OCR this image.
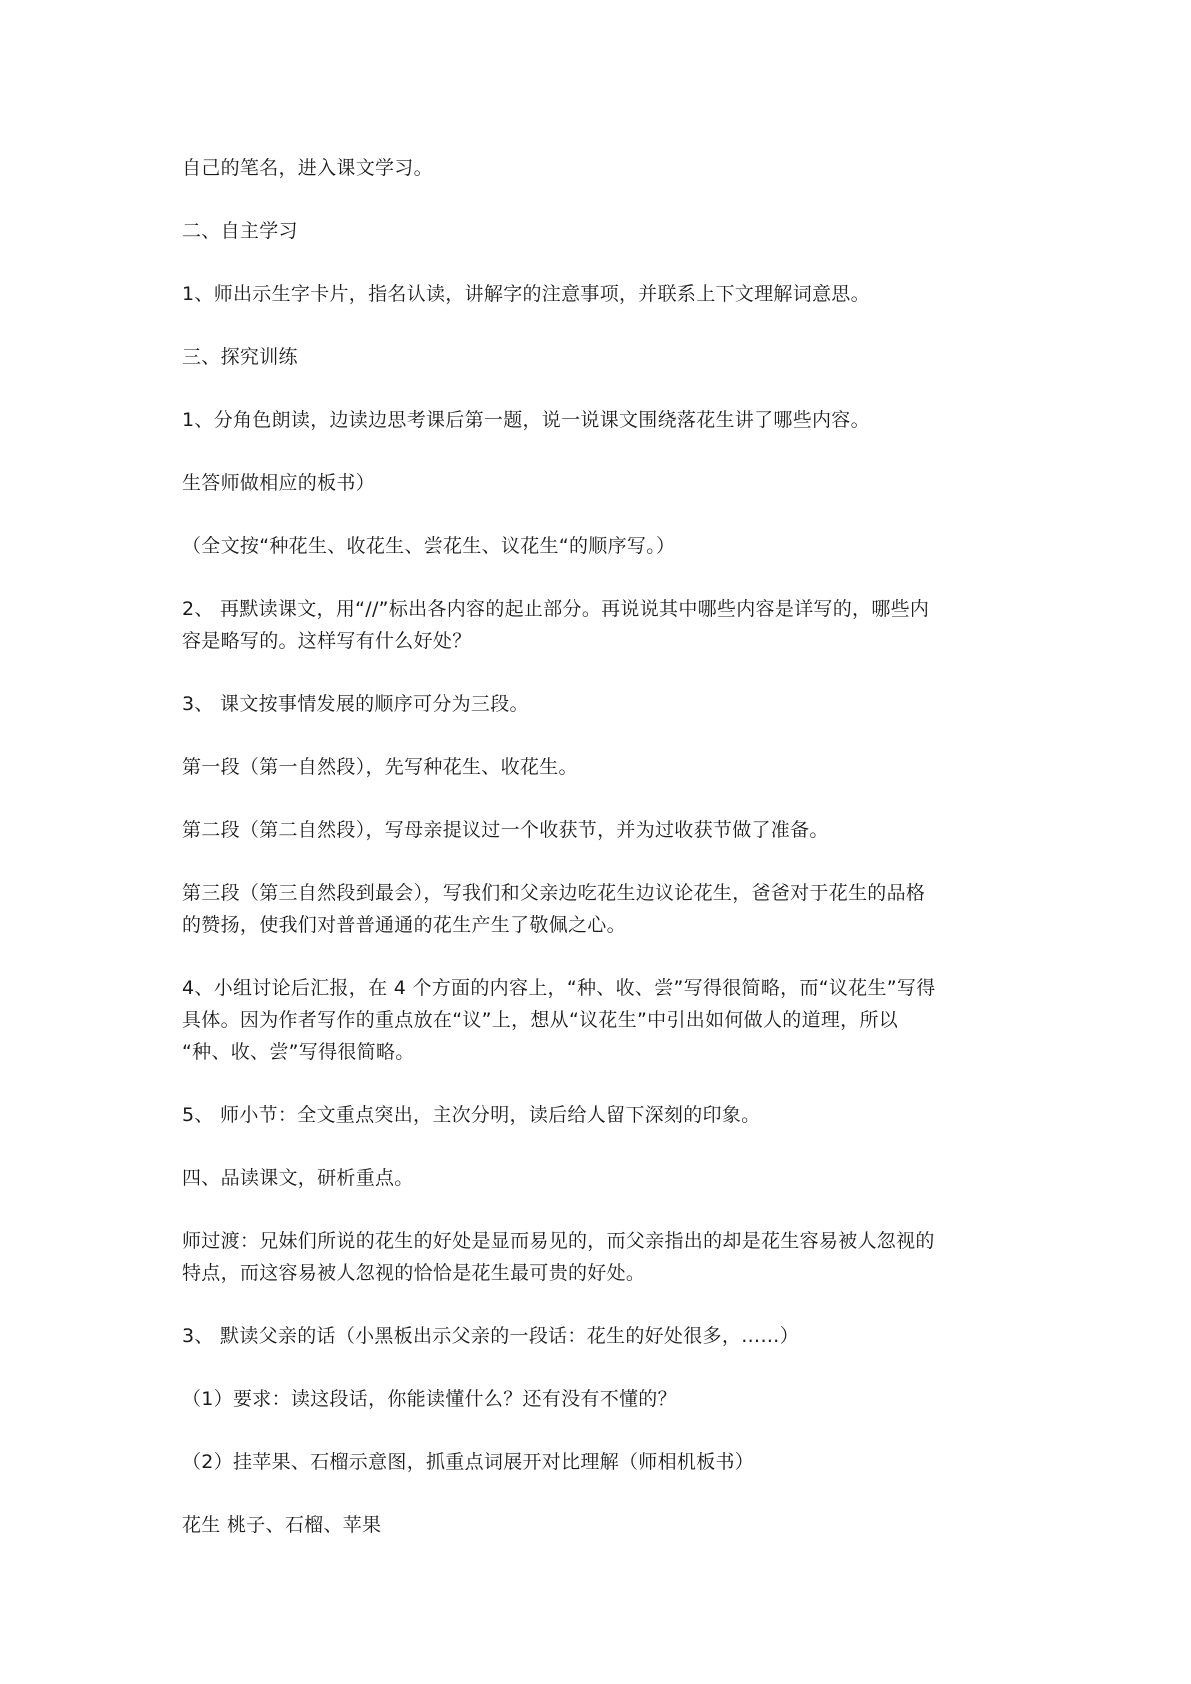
自己的笔名，进入课文学习。

二、自主学习

1、师出示生字卡片，指名认读，讲解字的注意事项，并联系上下文理解词意思。

三、探究训练

1、分角色朗读，边读边思考课后第一题，说一说课文围绕落花生讲了哪些内容。

生答师做相应的板书）

（全文按“种花生、收花生、尝花生、议花生“的顺序写。）

2、 再默读课文，用“//”标出各内容的起止部分。再说说其中哪些内容是详写的，哪些内
容是略写的。这样写有什么好处？

3、 课文按事情发展的顺序可分为三段。

第一段（第一自然段），先写种花生、收花生。

第二段（第二自然段），写母亲提议过一个收获节，并为过收获节做了准备。

第三段（第三自然段到最会），写我们和父亲边吃花生边议论花生，爸爸对于花生的品格
的赞扬，使我们对普普通通的花生产生了敬佩之心。

4、小组讨论后汇报，在 4 个方面的内容上，“种、收、尝”写得很简略，而“议花生”写得
具体。因为作者写作的重点放在“议”上，想从“议花生”中引出如何做人的道理，所以
“种、收、尝”写得很简略。

5、 师小节：全文重点突出，主次分明，读后给人留下深刻的印象。

四、品读课文，研析重点。

师过渡：兄妹们所说的花生的好处是显而易见的，而父亲指出的却是花生容易被人忽视的
特点，而这容易被人忽视的恰恰是花生最可贵的好处。

3、 默读父亲的话（小黑板出示父亲的一段话：花生的好处很多，……）

（1）要求：读这段话，你能读懂什么？还有没有不懂的？

（2）挂苹果、石榴示意图，抓重点词展开对比理解（师相机板书）

花生 桃子、石榴、苹果
